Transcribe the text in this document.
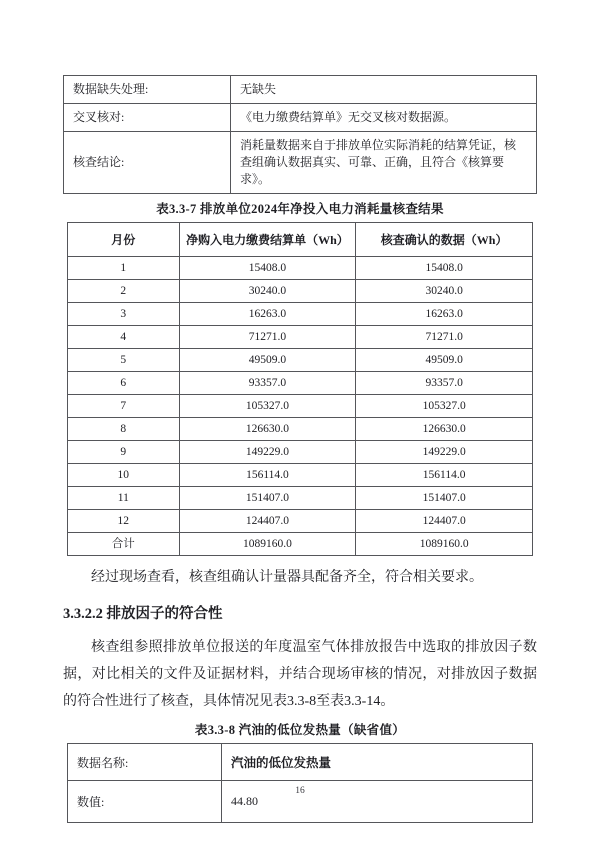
数据缺失处理:	无缺失
交叉核对:	《电力缴费结算单》无交叉核对数据源。
核查结论:	消耗量数据来自于排放单位实际消耗的结算凭证，核查组确认数据真实、可靠、正确，且符合《核算要求》。
表3.3-7 排放单位2024年净投入电力消耗量核查结果
月份	净购入电力缴费结算单（Wh）	核查确认的数据（Wh）
1	15408.0	15408.0
2	30240.0	30240.0
3	16263.0	16263.0
4	71271.0	71271.0
5	49509.0	49509.0
6	93357.0	93357.0
7	105327.0	105327.0
8	126630.0	126630.0
9	149229.0	149229.0
10	156114.0	156114.0
11	151407.0	151407.0
12	124407.0	124407.0
合计	1089160.0	1089160.0

经过现场查看，核查组确认计量器具配备齐全，符合相关要求。

3.3.2.2 排放因子的符合性

核查组参照排放单位报送的年度温室气体排放报告中选取的排放因子数据，对比相关的文件及证据材料，并结合现场审核的情况，对排放因子数据的符合性进行了核查，具体情况见表3.3-8至表3.3-14。

表3.3-8 汽油的低位发热量（缺省值）
数据名称:	汽油的低位发热量
数值:	44.80
16
